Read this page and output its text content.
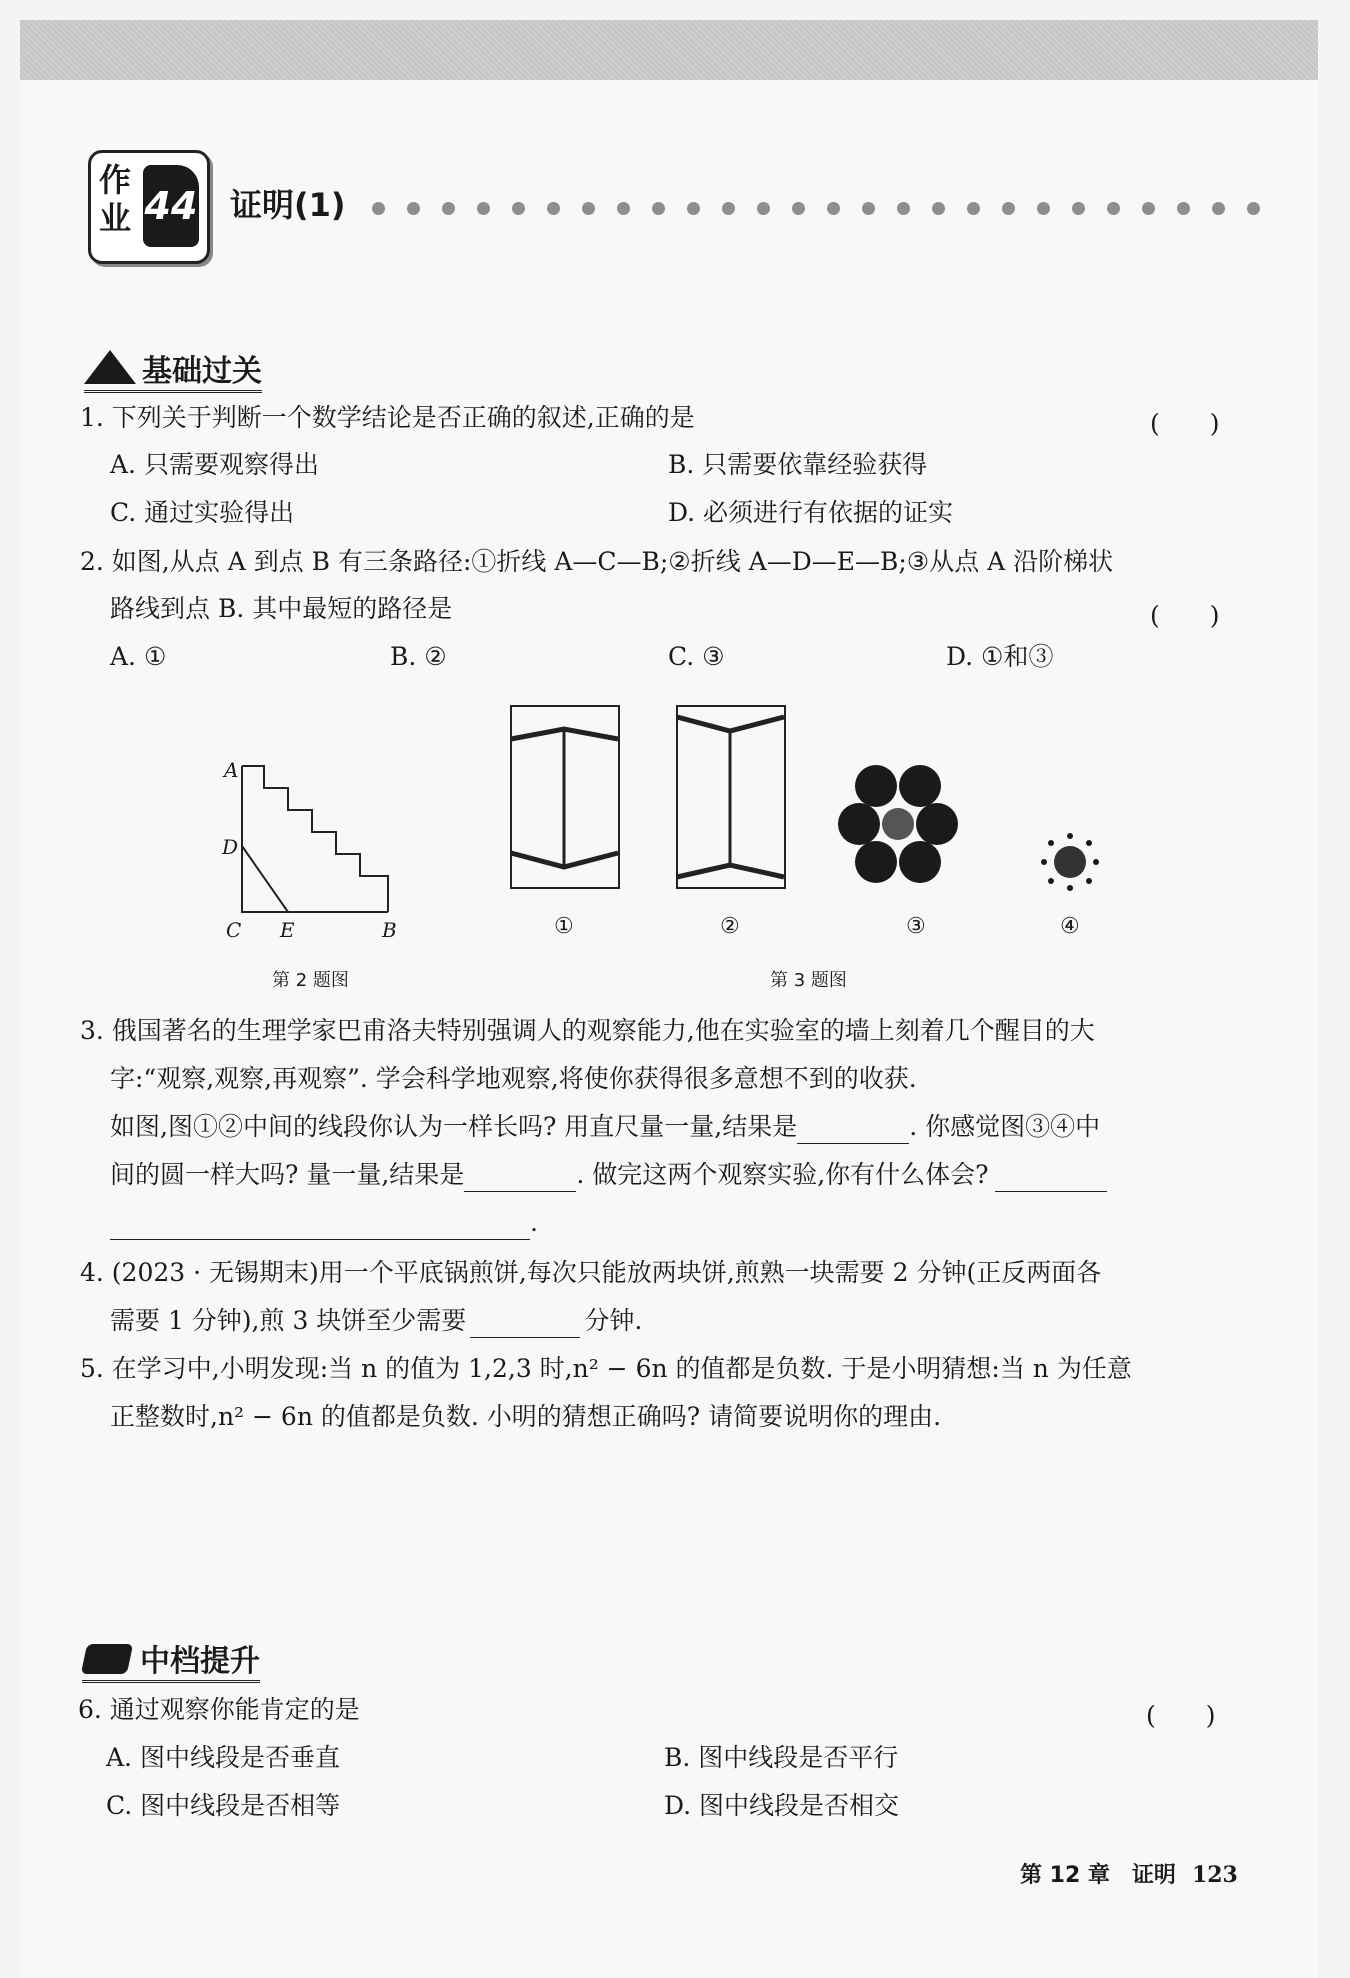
作业 44 证明(1)
基础过关
1. 下列关于判断一个数学结论是否正确的叙述,正确的是	(　　)
A. 只需要观察得出	B. 只需要依靠经验获得
C. 通过实验得出	D. 必须进行有依据的证实
2. 如图,从点 A 到点 B 有三条路径:①折线 A—C—B;②折线 A—D—E—B;③从点 A 沿阶梯状
路线到点 B. 其中最短的路径是	(　　)
A. ①	B. ②	C. ③	D. ①和③
A
D
C E	B
第 2 题图
①	②	③	④
第 3 题图
3. 俄国著名的生理学家巴甫洛夫特别强调人的观察能力,他在实验室的墙上刻着几个醒目的大
字:“观察,观察,再观察”. 学会科学地观察,将使你获得很多意想不到的收获.
如图,图①②中间的线段你认为一样长吗? 用直尺量一量,结果是	. 你感觉图③④中
间的圆一样大吗? 量一量,结果是	. 做完这两个观察实验,你有什么体会?
.
4. (2023 · 无锡期末)用一个平底锅煎饼,每次只能放两块饼,煎熟一块需要 2 分钟(正反两面各
需要 1 分钟),煎 3 块饼至少需要	分钟.
5. 在学习中,小明发现:当 n 的值为 1,2,3 时,n² − 6n 的值都是负数. 于是小明猜想:当 n 为任意
正整数时,n² − 6n 的值都是负数. 小明的猜想正确吗? 请简要说明你的理由.
中档提升
6. 通过观察你能肯定的是	(　　)
A. 图中线段是否垂直	B. 图中线段是否平行
C. 图中线段是否相等	D. 图中线段是否相交
第 12 章　证明 123
